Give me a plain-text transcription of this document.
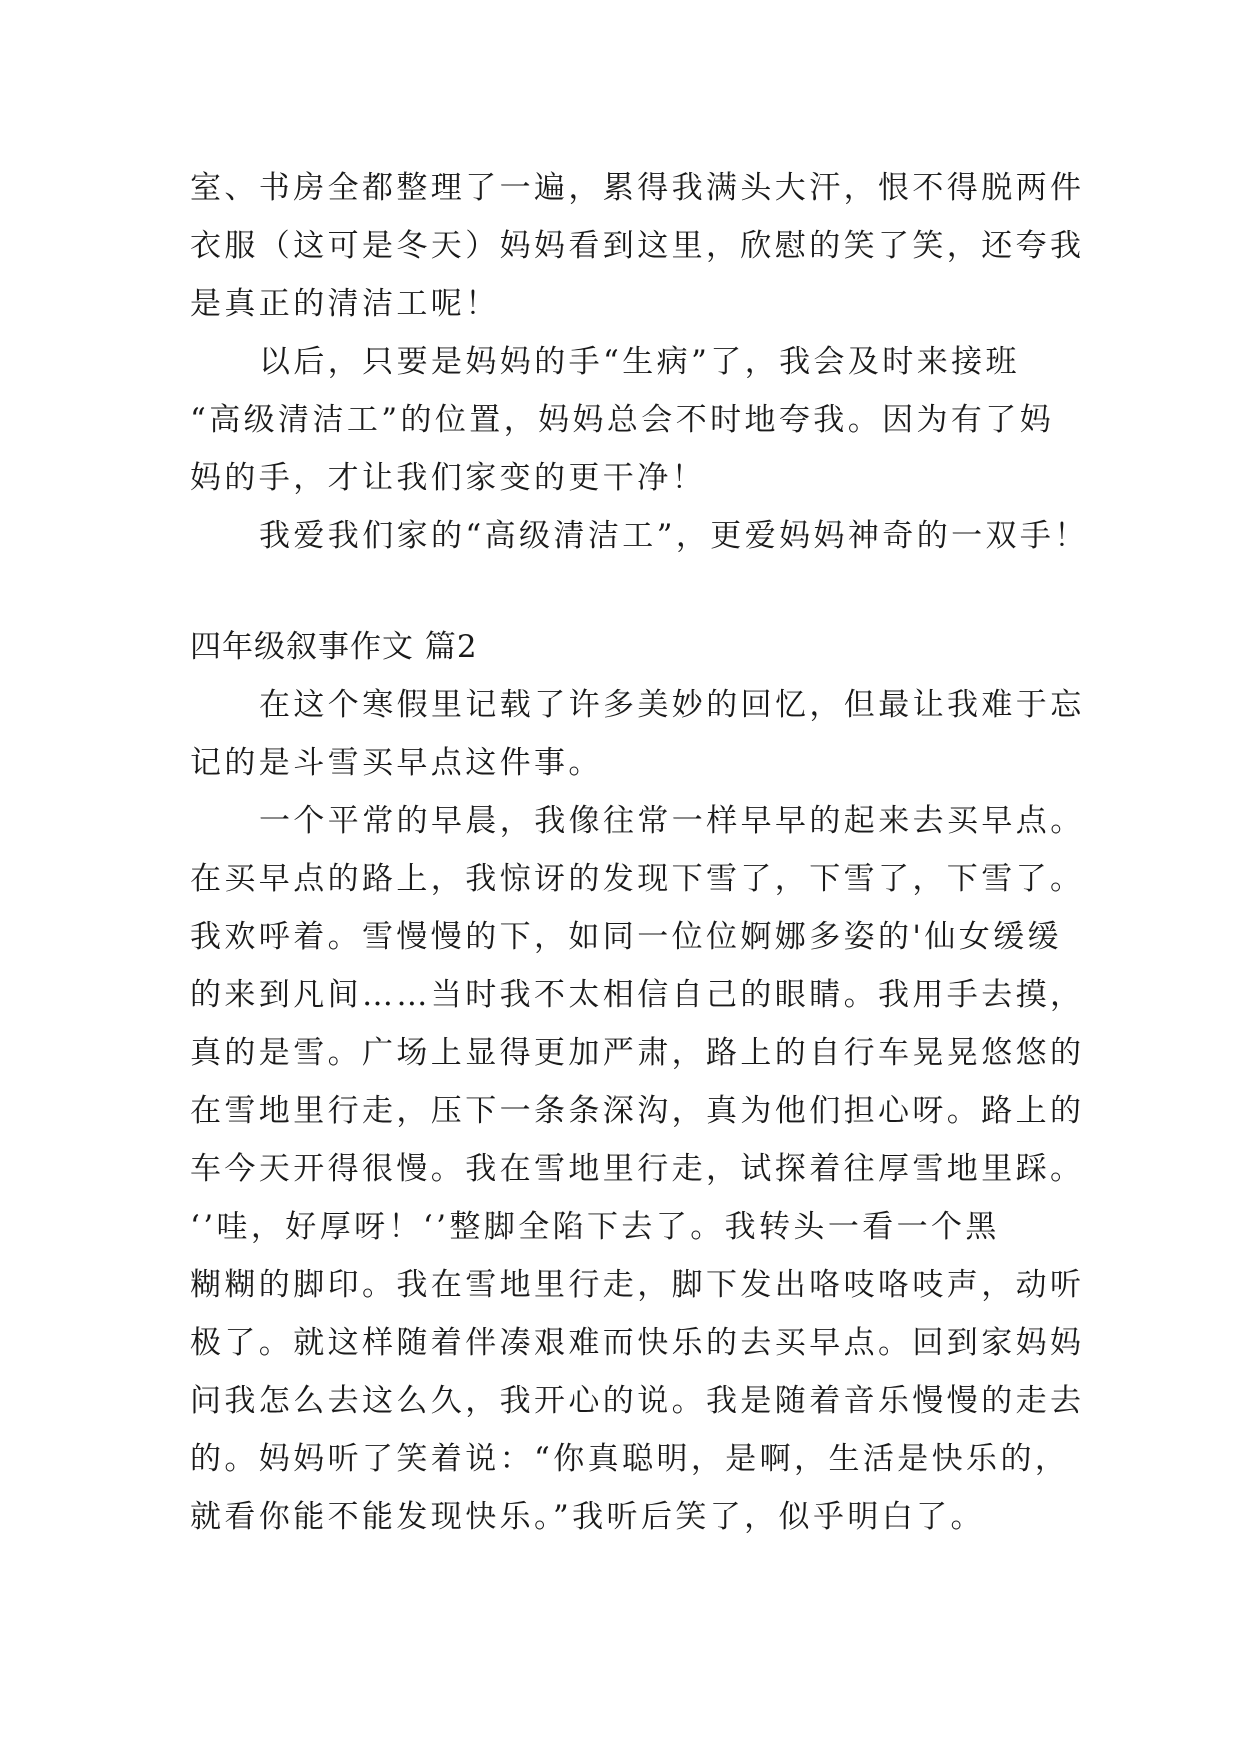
室、书房全都整理了一遍，累得我满头大汗，恨不得脱两件
衣服（这可是冬天）妈妈看到这里，欣慰的笑了笑，还夸我
是真正的清洁工呢！
以后，只要是妈妈的手“生病”了，我会及时来接班
“高级清洁工”的位置，妈妈总会不时地夸我。因为有了妈
妈的手，才让我们家变的更干净！
我爱我们家的“高级清洁工”，更爱妈妈神奇的一双手！
四年级叙事作文 篇2
在这个寒假里记载了许多美妙的回忆，但最让我难于忘
记的是斗雪买早点这件事。
一个平常的早晨，我像往常一样早早的起来去买早点。
在买早点的路上，我惊讶的发现下雪了，下雪了，下雪了。
我欢呼着。雪慢慢的下，如同一位位婀娜多姿的'仙女缓缓
的来到凡间……当时我不太相信自己的眼睛。我用手去摸，
真的是雪。广场上显得更加严肃，路上的自行车晃晃悠悠的
在雪地里行走，压下一条条深沟，真为他们担心呀。路上的
车今天开得很慢。我在雪地里行走，试探着往厚雪地里踩。
‘’哇，好厚呀！‘’整脚全陷下去了。我转头一看一个黑
糊糊的脚印。我在雪地里行走，脚下发出咯吱咯吱声，动听
极了。就这样随着伴凑艰难而快乐的去买早点。回到家妈妈
问我怎么去这么久，我开心的说。我是随着音乐慢慢的走去
的。妈妈听了笑着说：“你真聪明，是啊，生活是快乐的，
就看你能不能发现快乐。”我听后笑了，似乎明白了。
